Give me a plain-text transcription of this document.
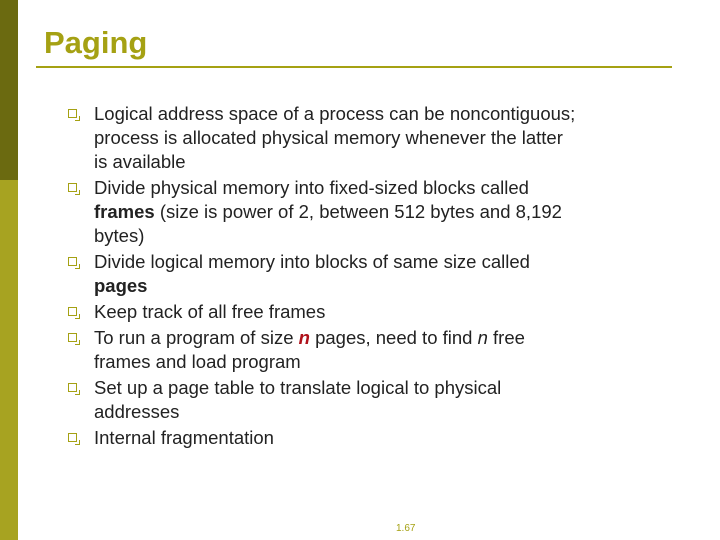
Paging
Logical address space of a process can be noncontiguous; process is allocated physical memory whenever the latter is available
Divide physical memory into fixed-sized blocks called frames (size is power of 2, between 512 bytes and 8,192 bytes)
Divide logical memory into blocks of same size called pages
Keep track of all free frames
To run a program of size n pages, need to find n free frames and load program
Set up a page table to translate logical to physical addresses
Internal fragmentation
1.67
